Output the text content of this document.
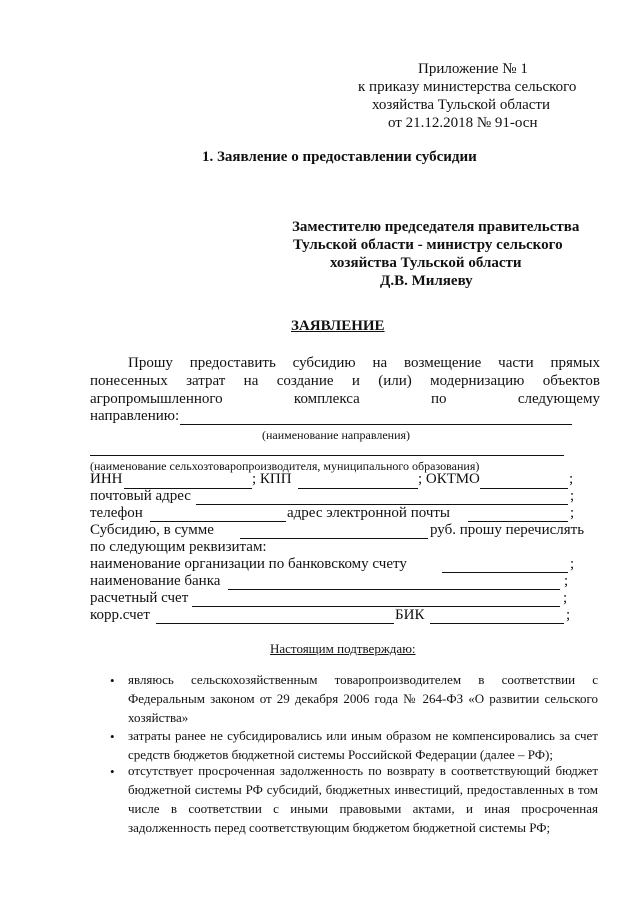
Приложение № 1
к приказу министерства сельского
хозяйства Тульской области
от 21.12.2018 № 91-осн
1. Заявление о предоставлении субсидии
Заместителю председателя правительства
Тульской области - министру сельского
хозяйства Тульской области
Д.В. Миляеву
ЗАЯВЛЕНИЕ
Прошу предоставить субсидию на возмещение части прямых
понесенных затрат на создание и (или) модернизацию объектов
агропромышленного	комплекса	по	следующему
направлению:
(наименование направления)
(наименование сельхозтоваропроизводителя, муниципального образования)
ИНН	; КПП	; ОКТМО	;
почтовый адрес	;
телефон	адрес электронной почты	;
Субсидию, в сумме	руб. прошу перечислять
по следующим реквизитам:
наименование организации по банковскому счету	;
наименование банка	;
расчетный счет	;
корр.счет	БИК	;
Настоящим подтверждаю:
• являюсь сельскохозяйственным товаропроизводителем в соответствии с Федеральным законом от 29 декабря 2006 года № 264-ФЗ «О развитии сельского хозяйства»
• затраты ранее не субсидировались или иным образом не компенсировались за счет средств бюджетов бюджетной системы Российской Федерации (далее – РФ);
• отсутствует просроченная задолженность по возврату в соответствующий бюджет бюджетной системы РФ субсидий, бюджетных инвестиций, предоставленных в том числе в соответствии с иными правовыми актами, и иная просроченная задолженность перед соответствующим бюджетом бюджетной системы РФ;
